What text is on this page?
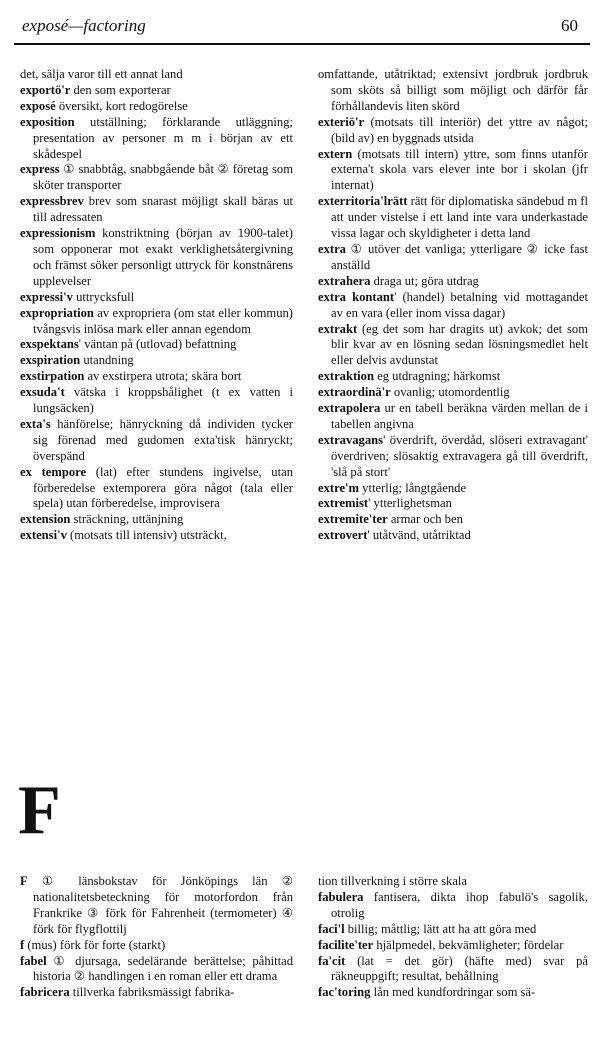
exposé—factoring	60

det, sälja varor till ett annat land

exportö'r den som exporterar

exposé översikt, kort redogörelse

exposition utställning; förklarande utläggning; presentation av personer m m i början av ett skådespel

express ① snabbtåg, snabbgående båt ② företag som sköter transporter

expressbrev brev som snarast möjligt skall bäras ut till adressaten

expressionism konstriktning (början av 1900-talet) som opponerar mot exakt verklighetsåtergivning och främst söker personligt uttryck för konstnärens upplevelser

expressi'v uttrycksfull

expropriation av expropriera (om stat eller kommun) tvångsvis inlösa mark eller annan egendom

exspektans' väntan på (utlovad) befattning

exspiration utandning

exstirpation av exstirpera utrota; skära bort

exsuda't vätska i kroppshålighet (t ex vatten i lungsäcken)

exta's hänförelse; hänryckning då individen tycker sig förenad med gudomen exta'tisk hänryckt; överspänd

ex tempore (lat) efter stundens ingivelse, utan förberedelse extemporera göra något (tala eller spela) utan förberedelse, improvisera

extension sträckning, uttänjning

extensi'v (motsats till intensiv) utsträckt,

omfattande, utåtriktad; extensivt jordbruk jordbruk som sköts så billigt som möjligt och därför får förhållandevis liten skörd

exteriö'r (motsats till interiör) det yttre av något; (bild av) en byggnads utsida

extern (motsats till intern) yttre, som finns utanför externa't skola vars elever inte bor i skolan (jfr internat)

exterritoria'lrätt rätt för diplomatiska sändebud m fl att under vistelse i ett land inte vara underkastade vissa lagar och skyldigheter i detta land

extra ① utöver det vanliga; ytterligare ② icke fast anställd

extrahera draga ut; göra utdrag

extra kontant' (handel) betalning vid mottagandet av en vara (eller inom vissa dagar)

extrakt (eg det som har dragits ut) avkok; det som blir kvar av en lösning sedan lösningsmedlet helt eller delvis avdunstat

extraktion eg utdragning; härkomst

extraordinä'r ovanlig; utomordentlig

extrapolera ur en tabell beräkna värden mellan de i tabellen angivna

extravagans' överdrift, överdåd, slöseri extravagant' överdriven; slösaktig extravagera gå till överdrift, 'slå på stort'

extre'm ytterlig; långtgående

extremist' ytterlighetsman

extremite'ter armar och ben

extrovert' utåtvänd, utåtriktad

F

F ① länsbokstav för Jönköpings län ② nationalitetsbeteckning för motorfordon från Frankrike ③ förk för Fahrenheit (termometer) ④ förk för flygflottilj

f (mus) förk för forte (starkt)

fabel ① djursaga, sedelärande berättelse; påhittad historia ② handlingen i en roman eller ett drama

fabricera tillverka fabriksmässigt fabrika-

tion tillverkning i större skala

fabulera fantisera, dikta ihop fabulö's sagolik, otrolig

faci'l billig; måttlig; lätt att ha att göra med

facilite'ter hjälpmedel, bekvämligheter; fördelar

fa'cit (lat = det gör) (häfte med) svar på räkneuppgift; resultat, behållning

fac'toring lån med kundfordringar som sä-
